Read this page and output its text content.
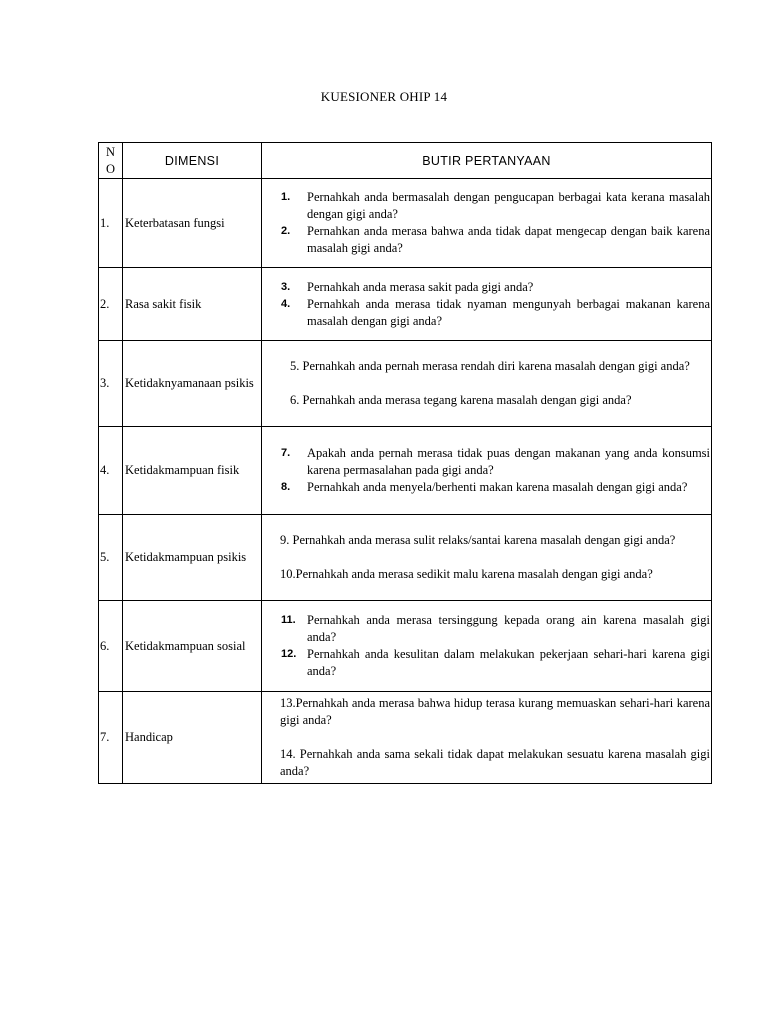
KUESIONER OHIP 14
N
O	DIMENSI	BUTIR PERTANYAAN
1.	Keterbatasan fungsi	1. Pernahkah anda bermasalah dengan pengucapan berbagai kata kerana masalah dengan gigi anda?
2. Pernahkan anda merasa bahwa anda tidak dapat mengecap dengan baik karena masalah gigi anda?

2.	Rasa sakit fisik	3. Pernahkah anda merasa sakit pada gigi anda?
4. Pernahkah anda merasa tidak nyaman mengunyah berbagai makanan karena masalah dengan gigi anda?

3.	Ketidaknyamanaan psikis	5. Pernahkah anda pernah merasa rendah diri karena masalah dengan gigi anda?
6. Pernahkah anda merasa tegang karena masalah dengan gigi anda?

4.	Ketidakmampuan fisik	7. Apakah anda pernah merasa tidak puas dengan makanan yang anda konsumsi karena permasalahan pada gigi anda?
8. Pernahkah anda menyela/berhenti makan karena masalah dengan gigi anda?

5.	Ketidakmampuan psikis	9. Pernahkah anda merasa sulit relaks/santai karena masalah dengan gigi anda?
10.Pernahkah anda merasa sedikit malu karena masalah dengan gigi anda?

6.	Ketidakmampuan sosial	11. Pernahkah anda merasa tersinggung kepada orang ain karena masalah gigi anda?
12. Pernahkah anda kesulitan dalam melakukan pekerjaan sehari-hari karena gigi anda?

7.	Handicap	13.Pernahkah anda merasa bahwa hidup terasa kurang memuaskan sehari-hari karena gigi anda?
14. Pernahkah anda sama sekali tidak dapat melakukan sesuatu karena masalah gigi anda?
